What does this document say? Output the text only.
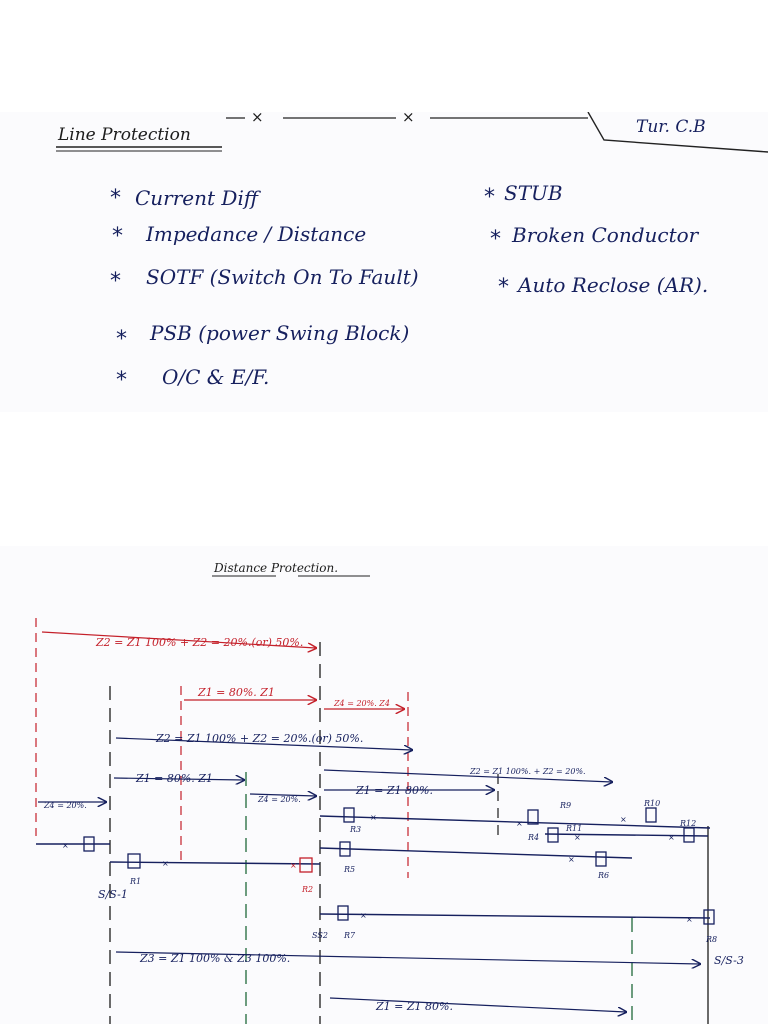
×	×
Line Protection	Tur. C.B
* Current Diff
* Impedance / Distance
* SOTF (Switch On To Fault)
* PSB (power Swing Block)
* O/C & E/F.
* STUB
* Broken Conductor
* Auto Reclose (AR).
Distance Protection.
Z2 = Z1 100% + Z2 = 20%.(or) 50%.
Z1 = 80%. Z1
Z4 = 20%. Z4
Z2 = Z1 100% + Z2 = 20%.(or) 50%.
Z2 = Z1 100%. + Z2 = 20%.
Z1 = 80%. Z1
Z1 = Z1 80%.
Z4 = 20%.
Z4 = 20%.
×
×	×
×
×	×
×	×
×
×	×
R1
R2
R3
R5
R7
R4
R9
R11
R6
R10
R12
R8
S/S-1
SS2
S/S-3
Z3 = Z1 100% & Z3 100%.
Z1 = Z1 80%.
